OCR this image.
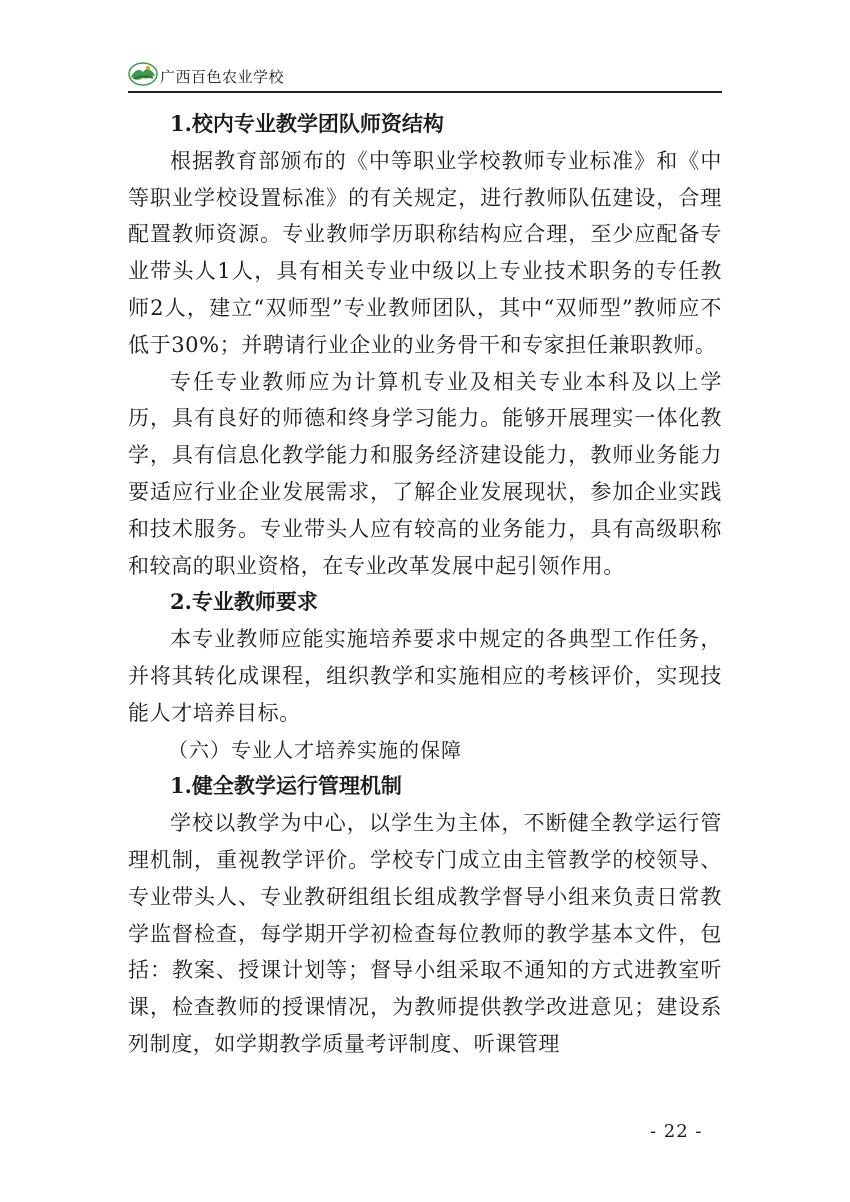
广西百色农业学校

1.校内专业教学团队师资结构

根据教育部颁布的《中等职业学校教师专业标准》和《中等职业学校设置标准》的有关规定，进行教师队伍建设，合理配置教师资源。专业教师学历职称结构应合理，至少应配备专业带头人1人，具有相关专业中级以上专业技术职务的专任教师2人，建立“双师型”专业教师团队，其中“双师型”教师应不低于30%；并聘请行业企业的业务骨干和专家担任兼职教师。

专任专业教师应为计算机专业及相关专业本科及以上学历，具有良好的师德和终身学习能力。能够开展理实一体化教学，具有信息化教学能力和服务经济建设能力，教师业务能力要适应行业企业发展需求，了解企业发展现状，参加企业实践和技术服务。专业带头人应有较高的业务能力，具有高级职称和较高的职业资格，在专业改革发展中起引领作用。

2.专业教师要求

本专业教师应能实施培养要求中规定的各典型工作任务，并将其转化成课程，组织教学和实施相应的考核评价，实现技能人才培养目标。

（六）专业人才培养实施的保障

1.健全教学运行管理机制

学校以教学为中心，以学生为主体，不断健全教学运行管理机制，重视教学评价。学校专门成立由主管教学的校领导、专业带头人、专业教研组组长组成教学督导小组来负责日常教学监督检查，每学期开学初检查每位教师的教学基本文件，包括：教案、授课计划等；督导小组采取不通知的方式进教室听课，检查教师的授课情况，为教师提供教学改进意见；建设系列制度，如学期教学质量考评制度、听课管理

- 22 -
